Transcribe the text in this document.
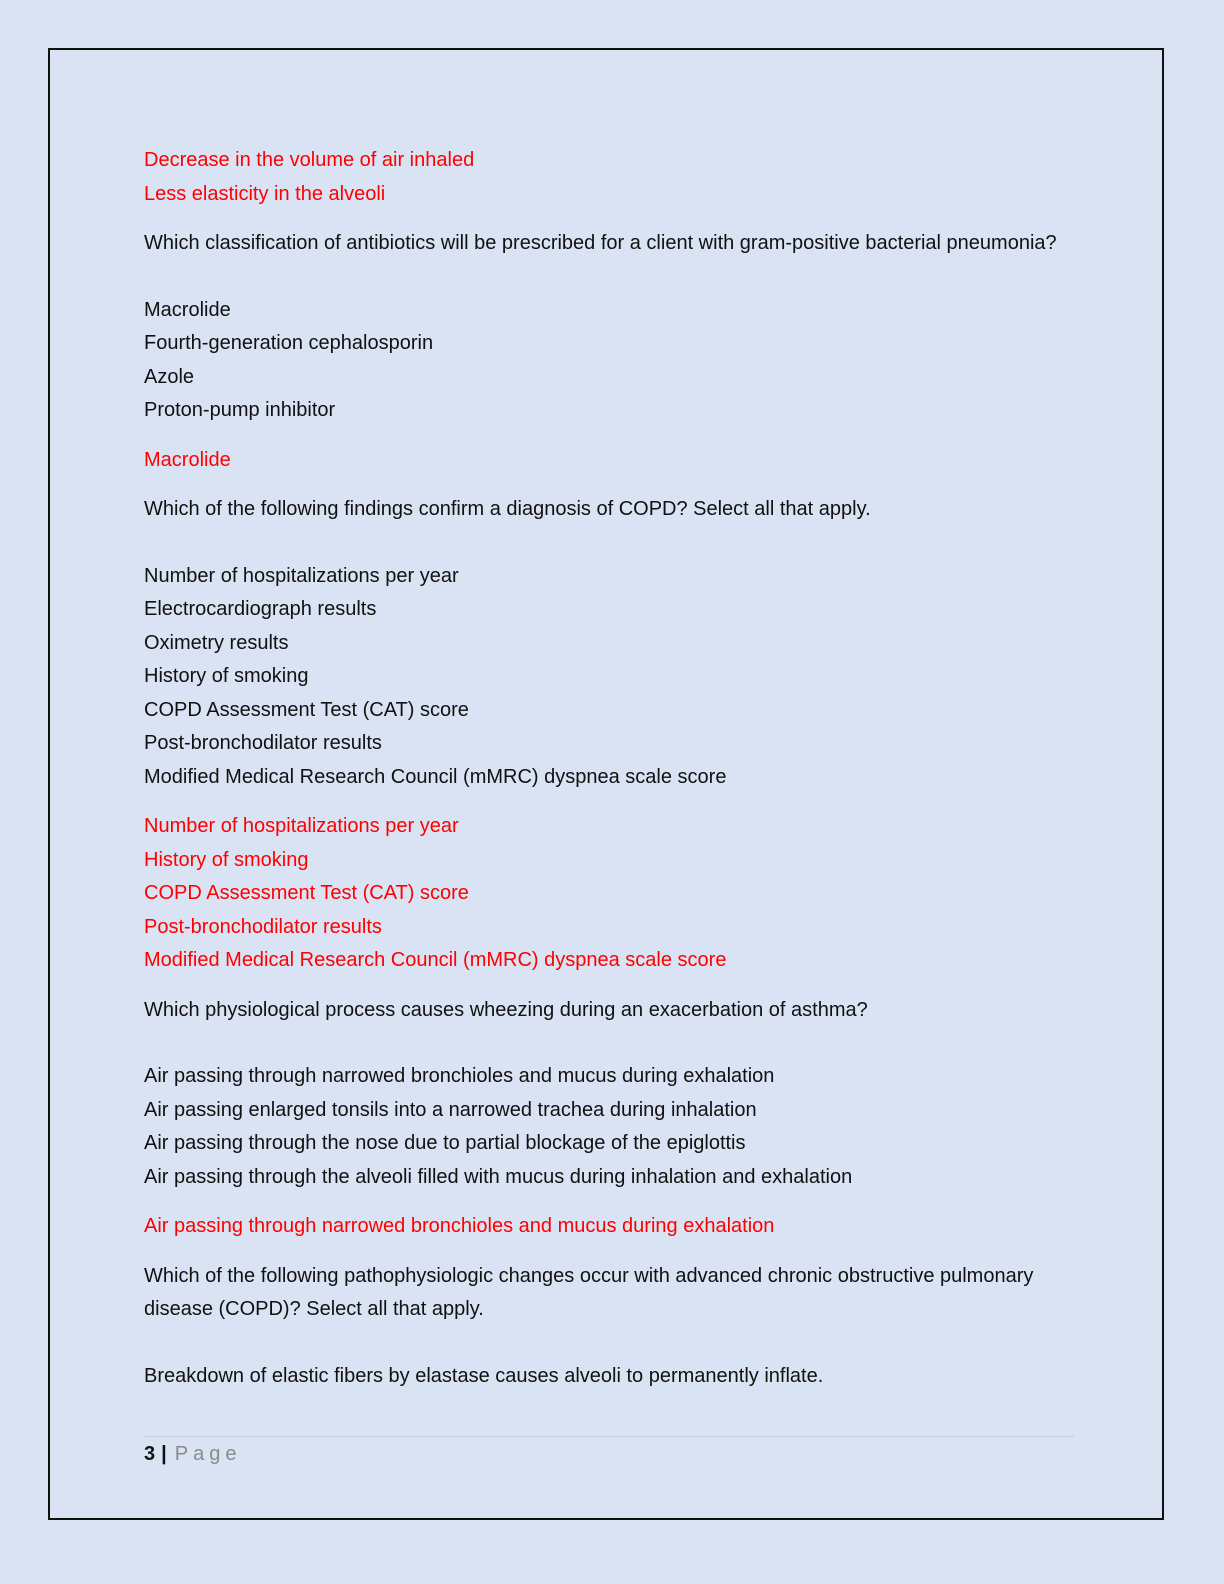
Decrease in the volume of air inhaled
Less elasticity in the alveoli
Which classification of antibiotics will be prescribed for a client with gram-positive bacterial pneumonia?
Macrolide
Fourth-generation cephalosporin
Azole
Proton-pump inhibitor
Macrolide
Which of the following findings confirm a diagnosis of COPD? Select all that apply.
Number of hospitalizations per year
Electrocardiograph results
Oximetry results
History of smoking
COPD Assessment Test (CAT) score
Post-bronchodilator results
Modified Medical Research Council (mMRC) dyspnea scale score
Number of hospitalizations per year
History of smoking
COPD Assessment Test (CAT) score
Post-bronchodilator results
Modified Medical Research Council (mMRC) dyspnea scale score
Which physiological process causes wheezing during an exacerbation of asthma?
Air passing through narrowed bronchioles and mucus during exhalation
Air passing enlarged tonsils into a narrowed trachea during inhalation
Air passing through the nose due to partial blockage of the epiglottis
Air passing through the alveoli filled with mucus during inhalation and exhalation
Air passing through narrowed bronchioles and mucus during exhalation
Which of the following pathophysiologic changes occur with advanced chronic obstructive pulmonary disease (COPD)? Select all that apply.
Breakdown of elastic fibers by elastase causes alveoli to permanently inflate.
3 | Page
